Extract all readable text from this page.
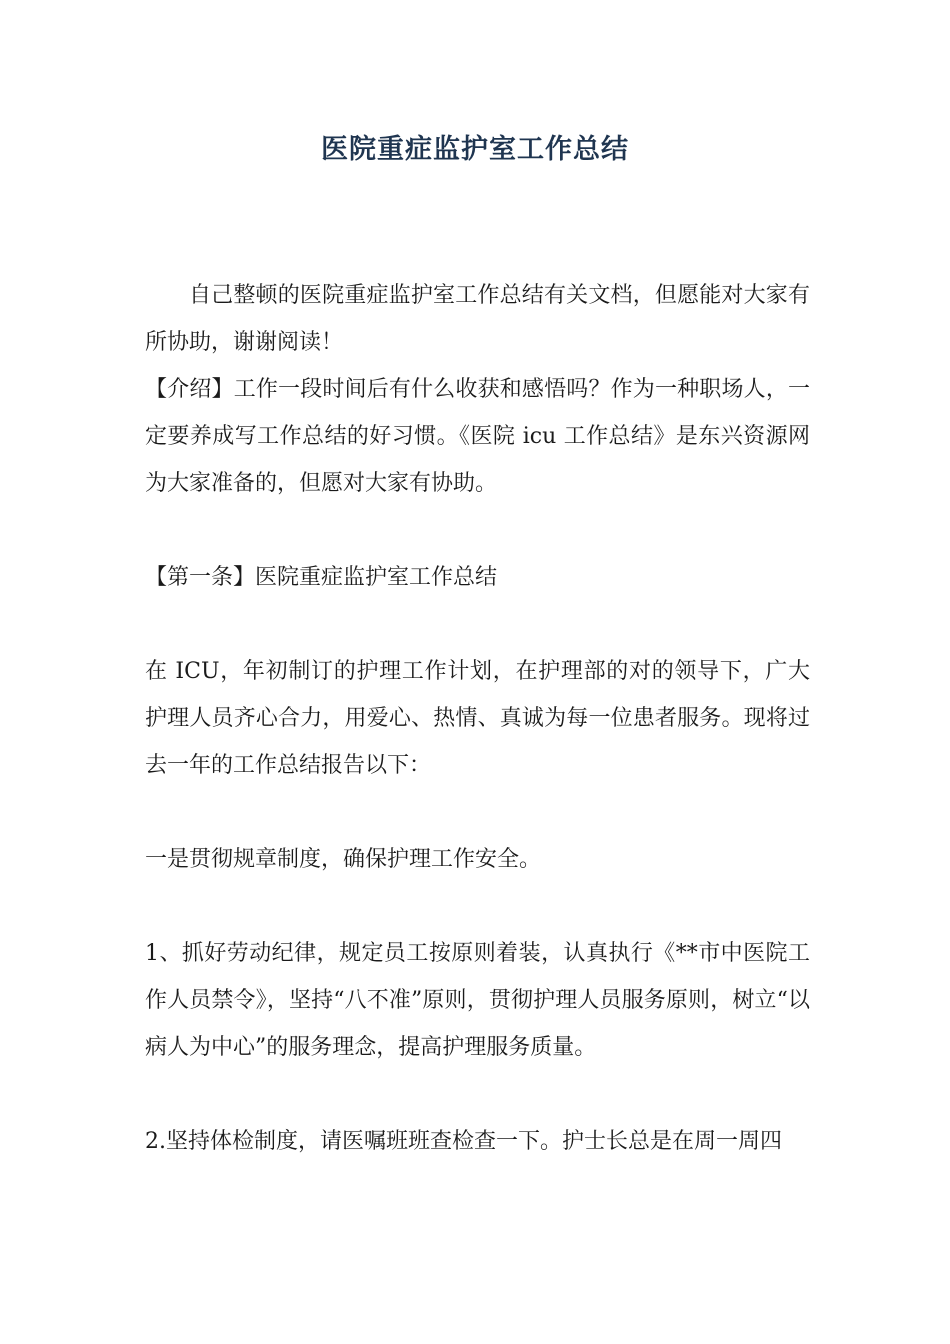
医院重症监护室工作总结

自己整顿的医院重症监护室工作总结有关文档，但愿能对大家有所协助，谢谢阅读！

【介绍】工作一段时间后有什么收获和感悟吗？作为一种职场人，一定要养成写工作总结的好习惯。《医院 icu 工作总结》是东兴资源网为大家准备的，但愿对大家有协助。

【第一条】医院重症监护室工作总结

在 ICU，年初制订的护理工作计划，在护理部的对的领导下，广大护理人员齐心合力，用爱心、热情、真诚为每一位患者服务。现将过去一年的工作总结报告以下：

一是贯彻规章制度，确保护理工作安全。

1、抓好劳动纪律，规定员工按原则着装，认真执行《**市中医院工作人员禁令》，坚持“八不准”原则，贯彻护理人员服务原则，树立“以病人为中心”的服务理念，提高护理服务质量。

2.坚持体检制度，请医嘱班班查检查一下。护士长总是在周一周四
